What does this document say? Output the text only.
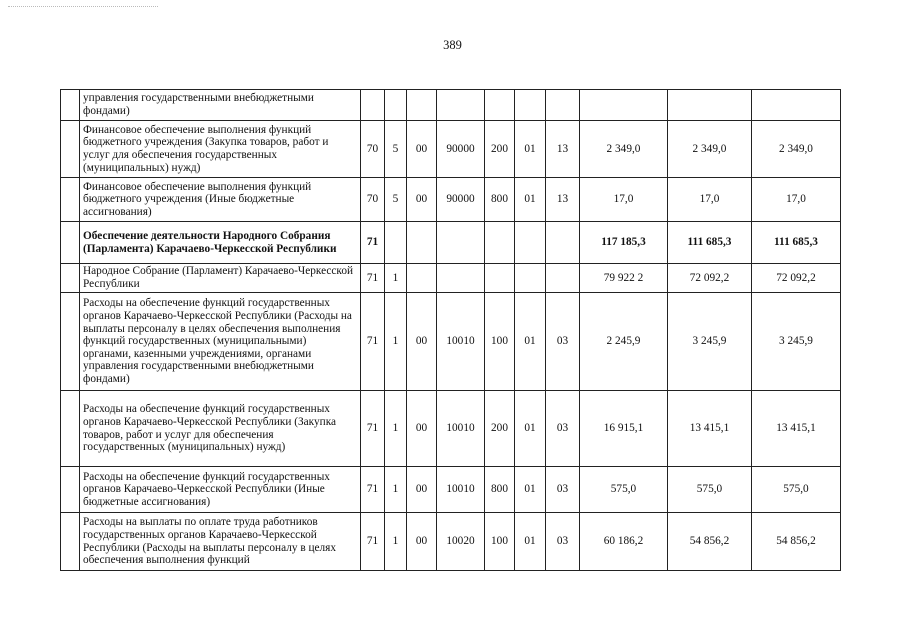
389
	управления государственными внебюджетными фондами)										
	Финансовое обеспечение выполнения функций бюджетного учреждения (Закупка товаров, работ и услуг для обеспечения государственных (муниципальных) нужд)	70	5	00	90000	200	01	13	2 349,0	2 349,0	2 349,0
	Финансовое обеспечение выполнения функций бюджетного учреждения (Иные бюджетные ассигнования)	70	5	00	90000	800	01	13	17,0	17,0	17,0
	Обеспечение деятельности Народного Собрания (Парламента) Карачаево-Черкесской Республики	71							117 185,3	111 685,3	111 685,3
	Народное Собрание (Парламент) Карачаево-Черкесской Республики	71	1						79 922 2	72 092,2	72 092,2
	Расходы на обеспечение функций государственных органов Карачаево-Черкесской Республики (Расходы на выплаты персоналу в целях обеспечения выполнения функций государственных (муниципальными) органами, казенными учреждениями, органами управления государственными внебюджетными фондами)	71	1	00	10010	100	01	03	2 245,9	3 245,9	3 245,9
	Расходы на обеспечение функций государственных органов Карачаево-Черкесской Республики (Закупка товаров, работ и услуг для обеспечения государственных (муниципальных) нужд)	71	1	00	10010	200	01	03	16 915,1	13 415,1	13 415,1
	Расходы на обеспечение функций государственных органов Карачаево-Черкесской Республики (Иные бюджетные ассигнования)	71	1	00	10010	800	01	03	575,0	575,0	575,0
	Расходы на выплаты по оплате труда работников государственных органов Карачаево-Черкесской Республики (Расходы на выплаты персоналу в целях обеспечения выполнения функций	71	1	00	10020	100	01	03	60 186,2	54 856,2	54 856,2
